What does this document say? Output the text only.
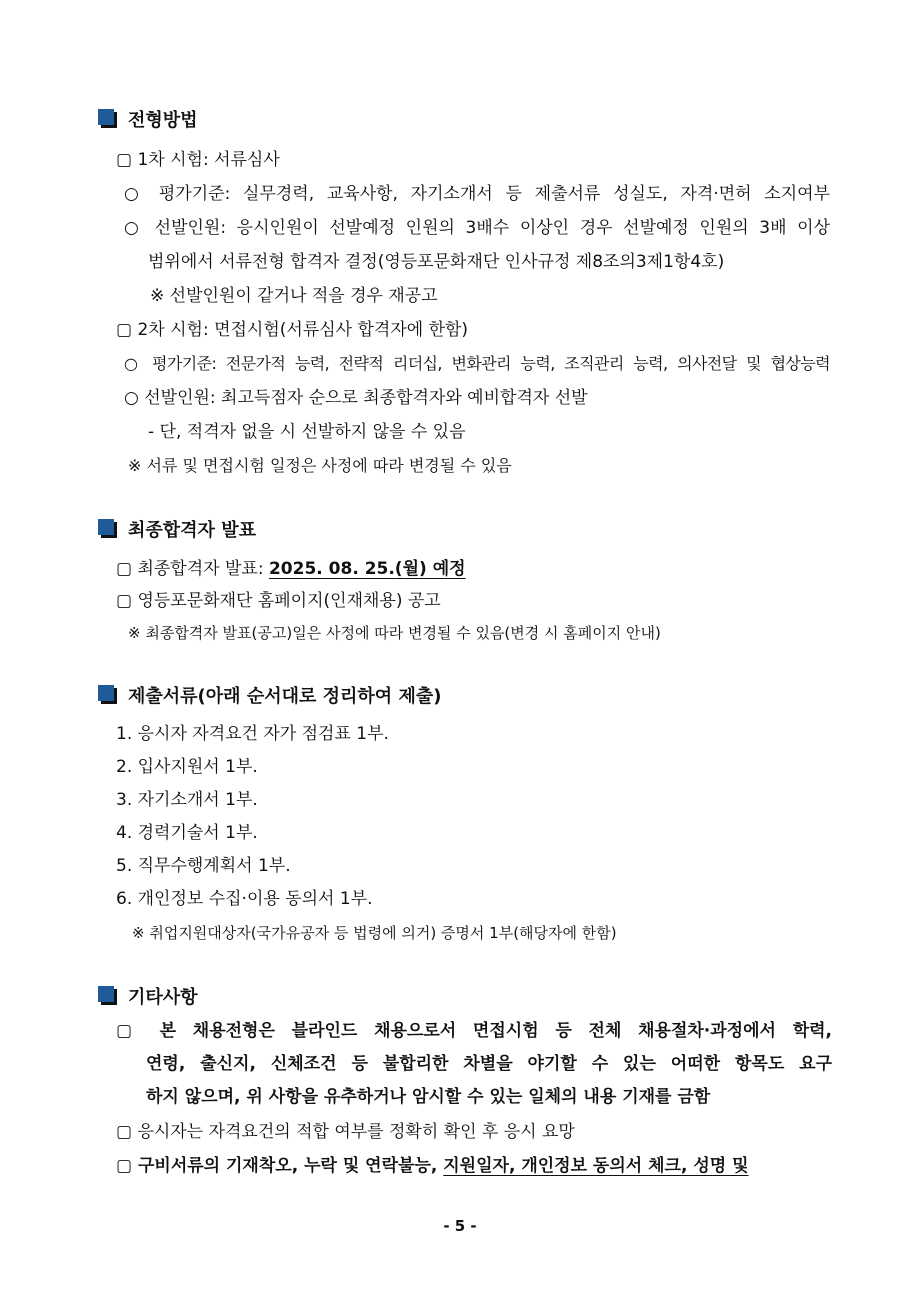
전형방법
▢ 1차 시험: 서류심사
○ 평가기준: 실무경력, 교육사항, 자기소개서 등 제출서류 성실도, 자격·면허 소지여부
○ 선발인원: 응시인원이 선발예정 인원의 3배수 이상인 경우 선발예정 인원의 3배 이상
범위에서 서류전형 합격자 결정(영등포문화재단 인사규정 제8조의3제1항4호)
※ 선발인원이 같거나 적을 경우 재공고
▢ 2차 시험: 면접시험(서류심사 합격자에 한함)
○ 평가기준: 전문가적 능력, 전략적 리더십, 변화관리 능력, 조직관리 능력, 의사전달 및 협상능력
○ 선발인원: 최고득점자 순으로 최종합격자와 예비합격자 선발
- 단, 적격자 없을 시 선발하지 않을 수 있음
※ 서류 및 면접시험 일정은 사정에 따라 변경될 수 있음
최종합격자 발표
▢ 최종합격자 발표: 2025. 08. 25.(월) 예정
▢ 영등포문화재단 홈페이지(인재채용) 공고
※ 최종합격자 발표(공고)일은 사정에 따라 변경될 수 있음(변경 시 홈페이지 안내)
제출서류(아래 순서대로 정리하여 제출)
1. 응시자 자격요건 자가 점검표 1부.
2. 입사지원서 1부.
3. 자기소개서 1부.
4. 경력기술서 1부.
5. 직무수행계획서 1부.
6. 개인정보 수집·이용 동의서 1부.
※ 취업지원대상자(국가유공자 등 법령에 의거) 증명서 1부(해당자에 한함)
기타사항
▢ 본 채용전형은 블라인드 채용으로서 면접시험 등 전체 채용절차·과정에서 학력,
연령, 출신지, 신체조건 등 불합리한 차별을 야기할 수 있는 어떠한 항목도 요구
하지 않으며, 위 사항을 유추하거나 암시할 수 있는 일체의 내용 기재를 금함
▢ 응시자는 자격요건의 적합 여부를 정확히 확인 후 응시 요망
▢ 구비서류의 기재착오, 누락 및 연락불능, 지원일자, 개인정보 동의서 체크, 성명 및
- 5 -
